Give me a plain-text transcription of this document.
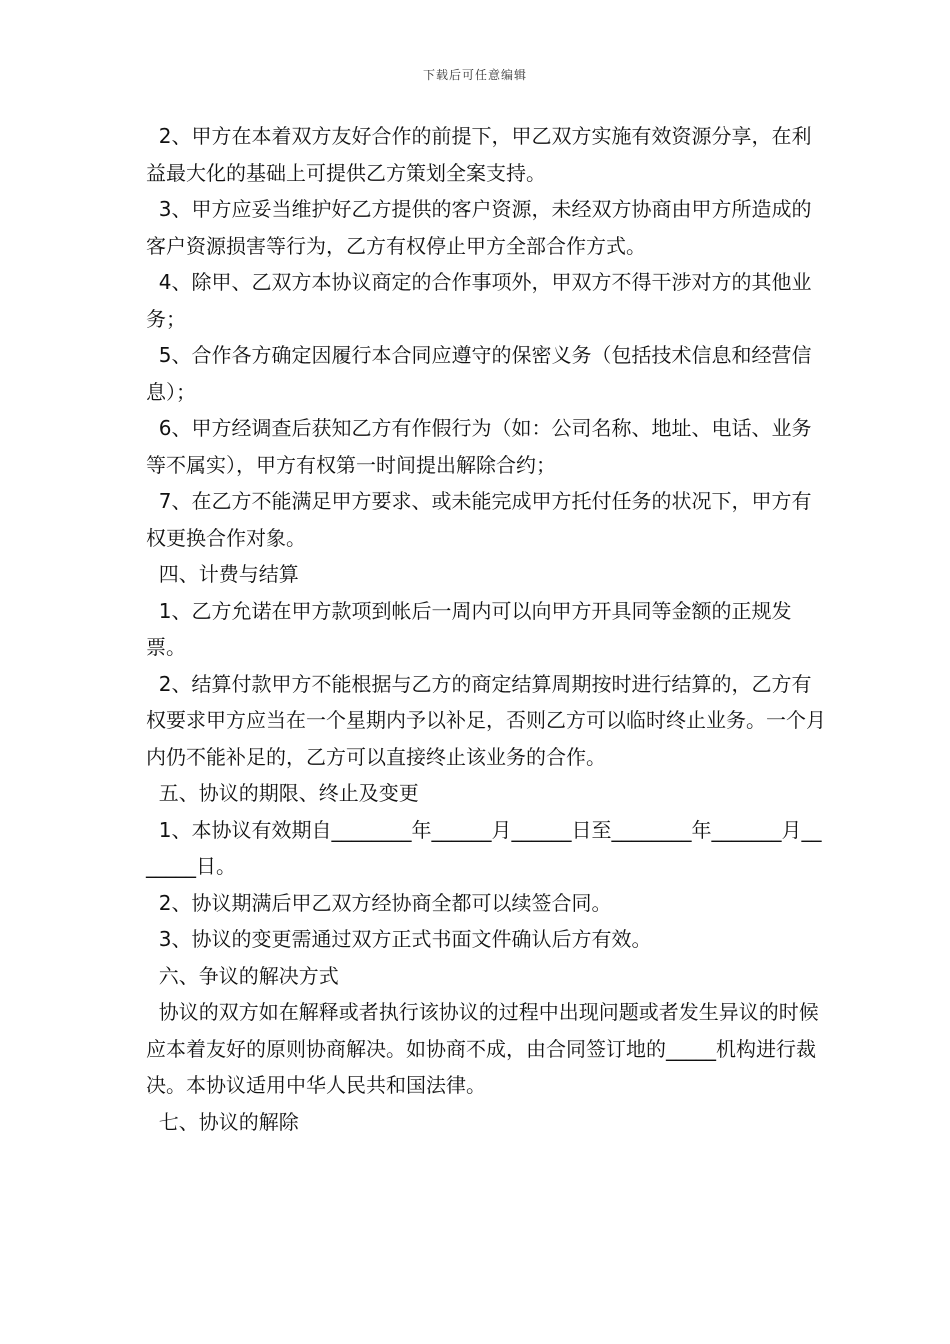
下载后可任意编辑

2、甲方在本着双方友好合作的前提下，甲乙双方实施有效资源分享，在利益最大化的基础上可提供乙方策划全案支持。

3、甲方应妥当维护好乙方提供的客户资源，未经双方协商由甲方所造成的客户资源损害等行为，乙方有权停止甲方全部合作方式。

4、除甲、乙双方本协议商定的合作事项外，甲双方不得干涉对方的其他业务；

5、合作各方确定因履行本合同应遵守的保密义务（包括技术信息和经营信息）；

6、甲方经调查后获知乙方有作假行为（如：公司名称、地址、电话、业务等不属实），甲方有权第一时间提出解除合约；

7、在乙方不能满足甲方要求、或未能完成甲方托付任务的状况下，甲方有权更换合作对象。

四、计费与结算

1、乙方允诺在甲方款项到帐后一周内可以向甲方开具同等金额的正规发票。

2、结算付款甲方不能根据与乙方的商定结算周期按时进行结算的，乙方有权要求甲方应当在一个星期内予以补足，否则乙方可以临时终止业务。一个月内仍不能补足的，乙方可以直接终止该业务的合作。

五、协议的期限、终止及变更

1、本协议有效期自________年______月______日至________年_______月_______日。

2、协议期满后甲乙双方经协商全都可以续签合同。

3、协议的变更需通过双方正式书面文件确认后方有效。

六、争议的解决方式

协议的双方如在解释或者执行该协议的过程中出现问题或者发生异议的时候应本着友好的原则协商解决。如协商不成，由合同签订地的_____机构进行裁决。本协议适用中华人民共和国法律。

七、协议的解除
